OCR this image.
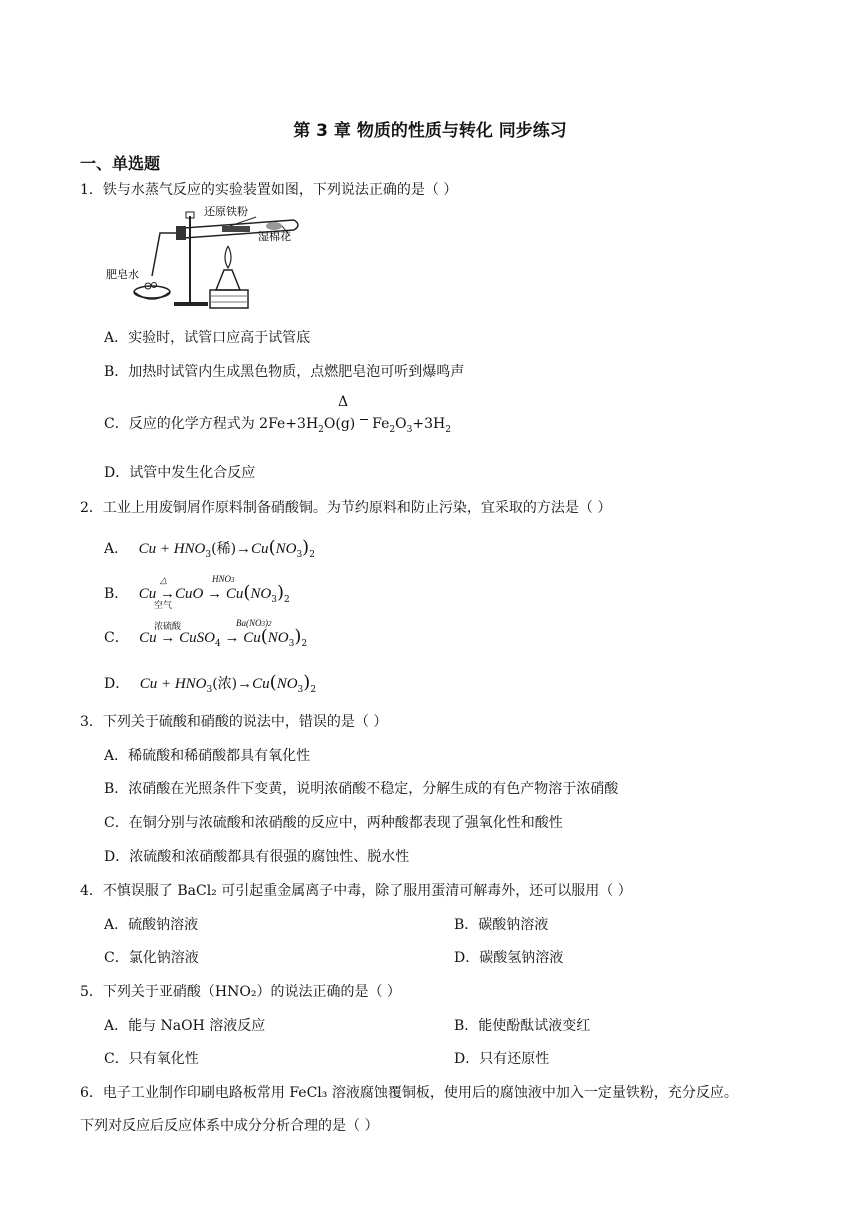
第 3 章 物质的性质与转化 同步练习
一、单选题
1．铁与水蒸气反应的实验装置如图，下列说法正确的是（ ）
还原铁粉
湿棉花
肥皂水
A．实验时，试管口应高于试管底
B．加热时试管内生成黑色物质，点燃肥皂泡可听到爆鸣声
Δ
C．反应的化学方程式为 $2Fe+3H_2O(g)$  $Fe_2O_3+3H_2$
D．试管中发生化合反应
2．工业上用废铜屑作原料制备硝酸铜。为节约原料和防止污染，宜采取的方法是（ ）
A． $Cu + HNO_3$(稀)$\to Cu(NO_3)_2$
△	HNO3
B． $Cu \to CuO \to Cu(NO_3)_2$
空气
浓硫酸	Ba(NO3)2
C． Cu → CuSO$_4$ → $Cu(NO_3)_2$
D． $Cu + HNO_3$(浓)$\to Cu(NO_3)_2$
3．下列关于硫酸和硝酸的说法中，错误的是（ ）
A．稀硫酸和稀硝酸都具有氧化性
B．浓硝酸在光照条件下变黄，说明浓硝酸不稳定，分解生成的有色产物溶于浓硝酸
C．在铜分别与浓硫酸和浓硝酸的反应中，两种酸都表现了强氧化性和酸性
D．浓硫酸和浓硝酸都具有很强的腐蚀性、脱水性
4．不慎误服了 BaCl₂ 可引起重金属离子中毒，除了服用蛋清可解毒外，还可以服用（ ）
A．硫酸钠溶液	B．碳酸钠溶液
C．氯化钠溶液	D．碳酸氢钠溶液
5．下列关于亚硝酸（HNO₂）的说法正确的是（ ）
A．能与 NaOH 溶液反应	B．能使酚酞试液变红
C．只有氧化性	D．只有还原性
6．电子工业制作印刷电路板常用 FeCl₃ 溶液腐蚀覆铜板，使用后的腐蚀液中加入一定量铁粉，充分反应。
下列对反应后反应体系中成分分析合理的是（ ）
